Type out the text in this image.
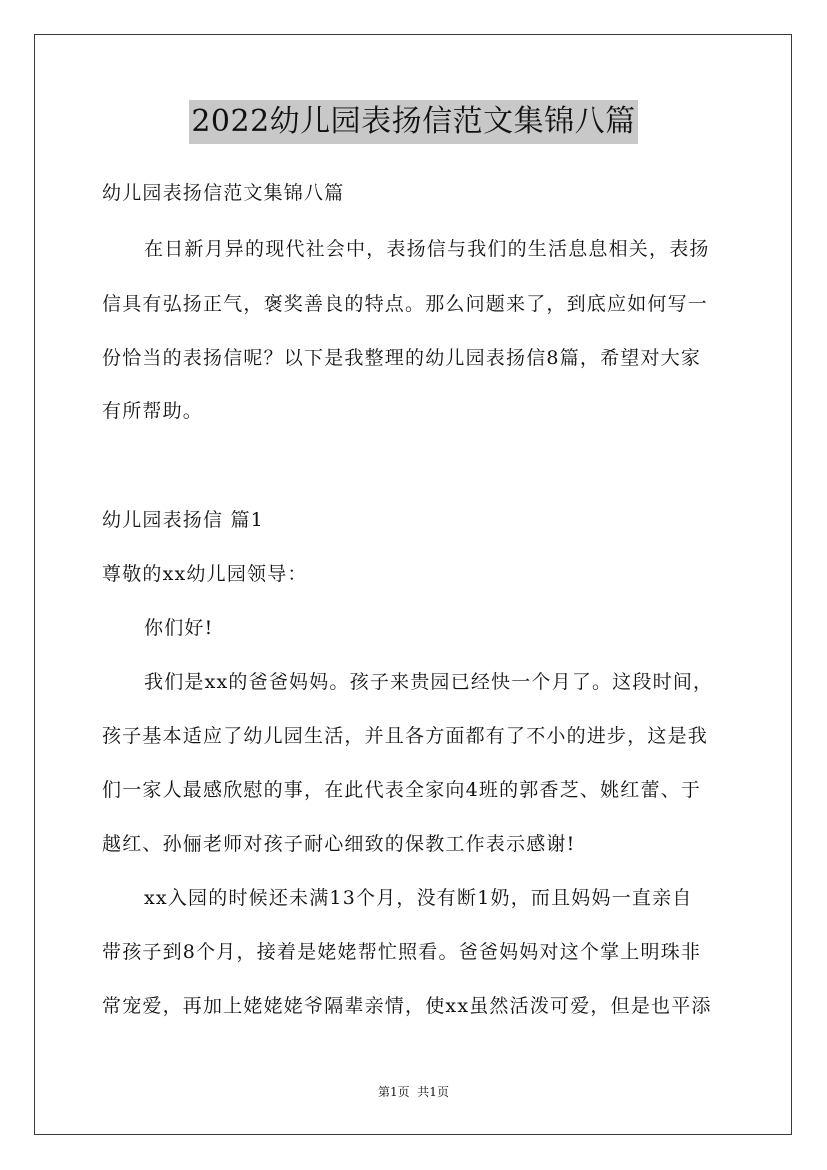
2022幼儿园表扬信范文集锦八篇
幼儿园表扬信范文集锦八篇
在日新月异的现代社会中，表扬信与我们的生活息息相关，表扬
信具有弘扬正气，褒奖善良的特点。那么问题来了，到底应如何写一
份恰当的表扬信呢？以下是我整理的幼儿园表扬信8篇，希望对大家
有所帮助。
幼儿园表扬信 篇1
尊敬的xx幼儿园领导：
你们好!
我们是xx的爸爸妈妈。孩子来贵园已经快一个月了。这段时间，
孩子基本适应了幼儿园生活，并且各方面都有了不小的进步，这是我
们一家人最感欣慰的事，在此代表全家向4班的郭香芝、姚红蕾、于
越红、孙俪老师对孩子耐心细致的保教工作表示感谢!
xx入园的时候还未满13个月，没有断1奶，而且妈妈一直亲自
带孩子到8个月，接着是姥姥帮忙照看。爸爸妈妈对这个掌上明珠非
常宠爱，再加上姥姥姥爷隔辈亲情，使xx虽然活泼可爱，但是也平添
第1页  共1页
